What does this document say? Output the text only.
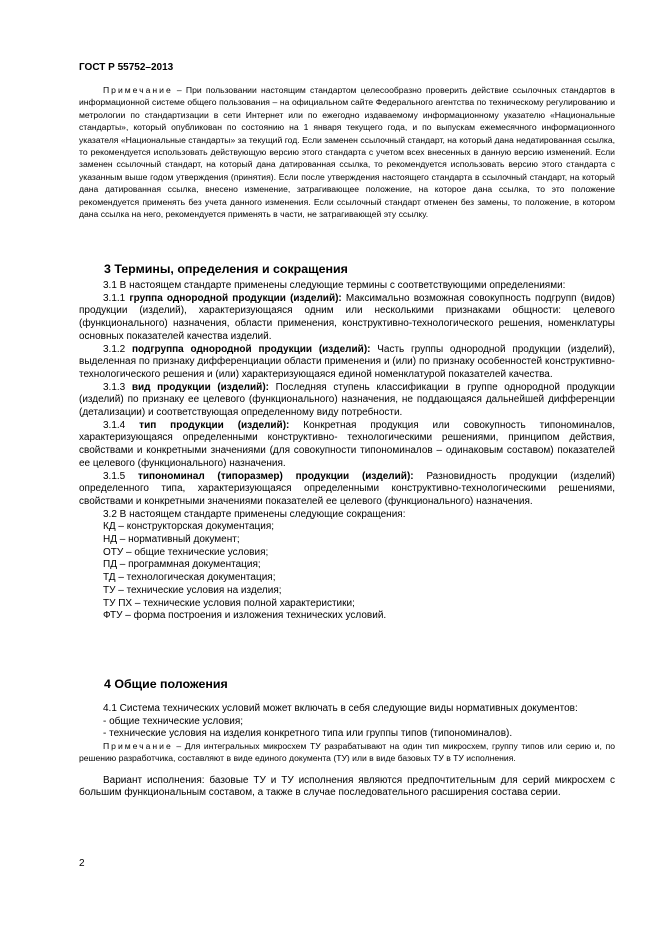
ГОСТ Р 55752–2013

Примечание – При пользовании настоящим стандартом целесообразно проверить действие ссылочных стандартов в информационной системе общего пользования – на официальном сайте Федерального агентства по техническому регулированию и метрологии по стандартизации в сети Интернет или по ежегодно издаваемому информационному указателю «Национальные стандарты», который опубликован по состоянию на 1 января текущего года, и по выпускам ежемесячного информационного указателя «Национальные стандарты» за текущий год. Если заменен ссылочный стандарт, на который дана недатированная ссылка, то рекомендуется использовать действующую версию этого стандарта с учетом всех внесенных в данную версию изменений. Если заменен ссылочный стандарт, на который дана датированная ссылка, то рекомендуется использовать версию этого стандарта с указанным выше годом утверждения (принятия). Если после утверждения настоящего стандарта в ссылочный стандарт, на который дана датированная ссылка, внесено изменение, затрагивающее положение, на которое дана ссылка, то это положение рекомендуется применять без учета данного изменения. Если ссылочный стандарт отменен без замены, то положение, в котором дана ссылка на него, рекомендуется применять в части, не затрагивающей эту ссылку.

3 Термины, определения и сокращения

3.1 В настоящем стандарте применены следующие термины с соответствующими определениями:

3.1.1 группа однородной продукции (изделий): Максимально возможная совокупность подгрупп (видов) продукции (изделий), характеризующаяся одним или несколькими признаками общности: целевого (функционального) назначения, области применения, конструктивно-технологического решения, номенклатуры основных показателей качества изделий.

3.1.2 подгруппа однородной продукции (изделий): Часть группы однородной продукции (изделий), выделенная по признаку дифференциации области применения и (или) по признаку особенностей конструктивно-технологического решения и (или) характеризующаяся единой номенклатурой показателей качества.

3.1.3 вид продукции (изделий): Последняя ступень классификации в группе однородной продукции (изделий) по признаку ее целевого (функционального) назначения, не поддающаяся дальнейшей дифференции (детализации) и соответствующая определенному виду потребности.

3.1.4 тип продукции (изделий): Конкретная продукция или совокупность типономиналов, характеризующаяся определенными конструктивно- технологическими решениями, принципом действия, свойствами и конкретными значениями (для совокупности типономиналов – одинаковым составом) показателей ее целевого (функционального) назначения.

3.1.5 типономинал (типоразмер) продукции (изделий): Разновидность продукции (изделий) определенного типа, характеризующаяся определенными конструктивно-технологическими решениями, свойствами и конкретными значениями показателей ее целевого (функционального) назначения.

3.2 В настоящем стандарте применены следующие сокращения:

КД – конструкторская документация;

НД – нормативный документ;

ОТУ – общие технические условия;

ПД – программная документация;

ТД – технологическая документация;

ТУ – технические условия на изделия;

ТУ ПХ – технические условия полной характеристики;

ФТУ – форма построения и изложения технических условий.

4 Общие положения

4.1 Система технических условий может включать в себя следующие виды нормативных документов:

- общие технические условия;

- технические условия на изделия конкретного типа или группы типов (типономиналов).

Примечание – Для интегральных микросхем ТУ разрабатывают на один тип микросхем, группу типов или серию и, по решению разработчика, составляют в виде единого документа (ТУ) или в виде базовых ТУ в ТУ исполнения.

Вариант исполнения: базовые ТУ и ТУ исполнения являются предпочтительным для серий микросхем с большим функциональным составом, а также в случае последовательного расширения состава серии.

2
